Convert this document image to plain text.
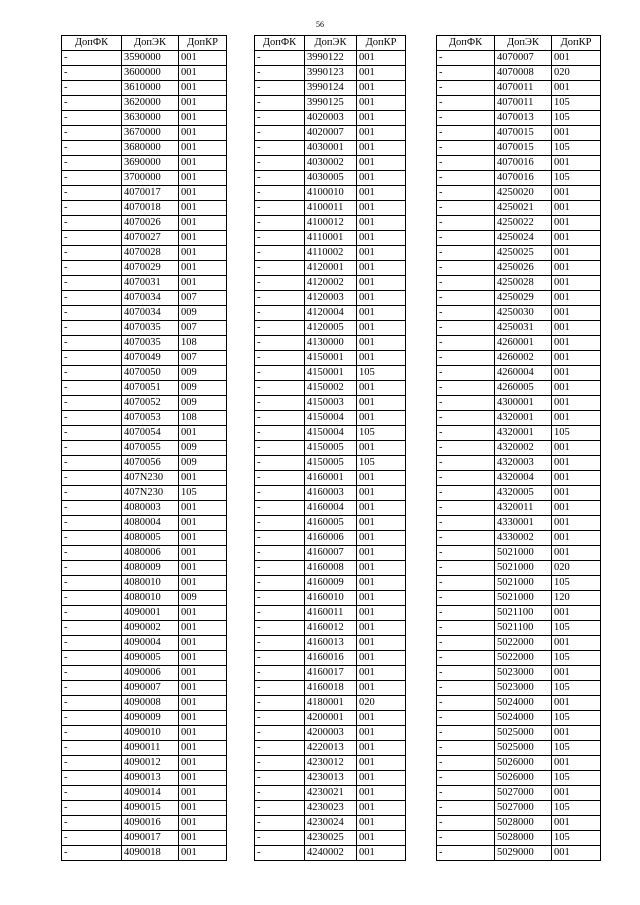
56
ДопФК	ДопЭК	ДопКР
-	3590000	001
-	3600000	001
-	3610000	001
-	3620000	001
-	3630000	001
-	3670000	001
-	3680000	001
-	3690000	001
-	3700000	001
-	4070017	001
-	4070018	001
-	4070026	001
-	4070027	001
-	4070028	001
-	4070029	001
-	4070031	001
-	4070034	007
-	4070034	009
-	4070035	007
-	4070035	108
-	4070049	007
-	4070050	009
-	4070051	009
-	4070052	009
-	4070053	108
-	4070054	001
-	4070055	009
-	4070056	009
-	407N230	001
-	407N230	105
-	4080003	001
-	4080004	001
-	4080005	001
-	4080006	001
-	4080009	001
-	4080010	001
-	4080010	009
-	4090001	001
-	4090002	001
-	4090004	001
-	4090005	001
-	4090006	001
-	4090007	001
-	4090008	001
-	4090009	001
-	4090010	001
-	4090011	001
-	4090012	001
-	4090013	001
-	4090014	001
-	4090015	001
-	4090016	001
-	4090017	001
-	4090018	001
ДопФК	ДопЭК	ДопКР
-	3990122	001
-	3990123	001
-	3990124	001
-	3990125	001
-	4020003	001
-	4020007	001
-	4030001	001
-	4030002	001
-	4030005	001
-	4100010	001
-	4100011	001
-	4100012	001
-	4110001	001
-	4110002	001
-	4120001	001
-	4120002	001
-	4120003	001
-	4120004	001
-	4120005	001
-	4130000	001
-	4150001	001
-	4150001	105
-	4150002	001
-	4150003	001
-	4150004	001
-	4150004	105
-	4150005	001
-	4150005	105
-	4160001	001
-	4160003	001
-	4160004	001
-	4160005	001
-	4160006	001
-	4160007	001
-	4160008	001
-	4160009	001
-	4160010	001
-	4160011	001
-	4160012	001
-	4160013	001
-	4160016	001
-	4160017	001
-	4160018	001
-	4180001	020
-	4200001	001
-	4200003	001
-	4220013	001
-	4230012	001
-	4230013	001
-	4230021	001
-	4230023	001
-	4230024	001
-	4230025	001
-	4240002	001
ДопФК	ДопЭК	ДопКР
-	4070007	001
-	4070008	020
-	4070011	001
-	4070011	105
-	4070013	105
-	4070015	001
-	4070015	105
-	4070016	001
-	4070016	105
-	4250020	001
-	4250021	001
-	4250022	001
-	4250024	001
-	4250025	001
-	4250026	001
-	4250028	001
-	4250029	001
-	4250030	001
-	4250031	001
-	4260001	001
-	4260002	001
-	4260004	001
-	4260005	001
-	4300001	001
-	4320001	001
-	4320001	105
-	4320002	001
-	4320003	001
-	4320004	001
-	4320005	001
-	4320011	001
-	4330001	001
-	4330002	001
-	5021000	001
-	5021000	020
-	5021000	105
-	5021000	120
-	5021100	001
-	5021100	105
-	5022000	001
-	5022000	105
-	5023000	001
-	5023000	105
-	5024000	001
-	5024000	105
-	5025000	001
-	5025000	105
-	5026000	001
-	5026000	105
-	5027000	001
-	5027000	105
-	5028000	001
-	5028000	105
-	5029000	001
